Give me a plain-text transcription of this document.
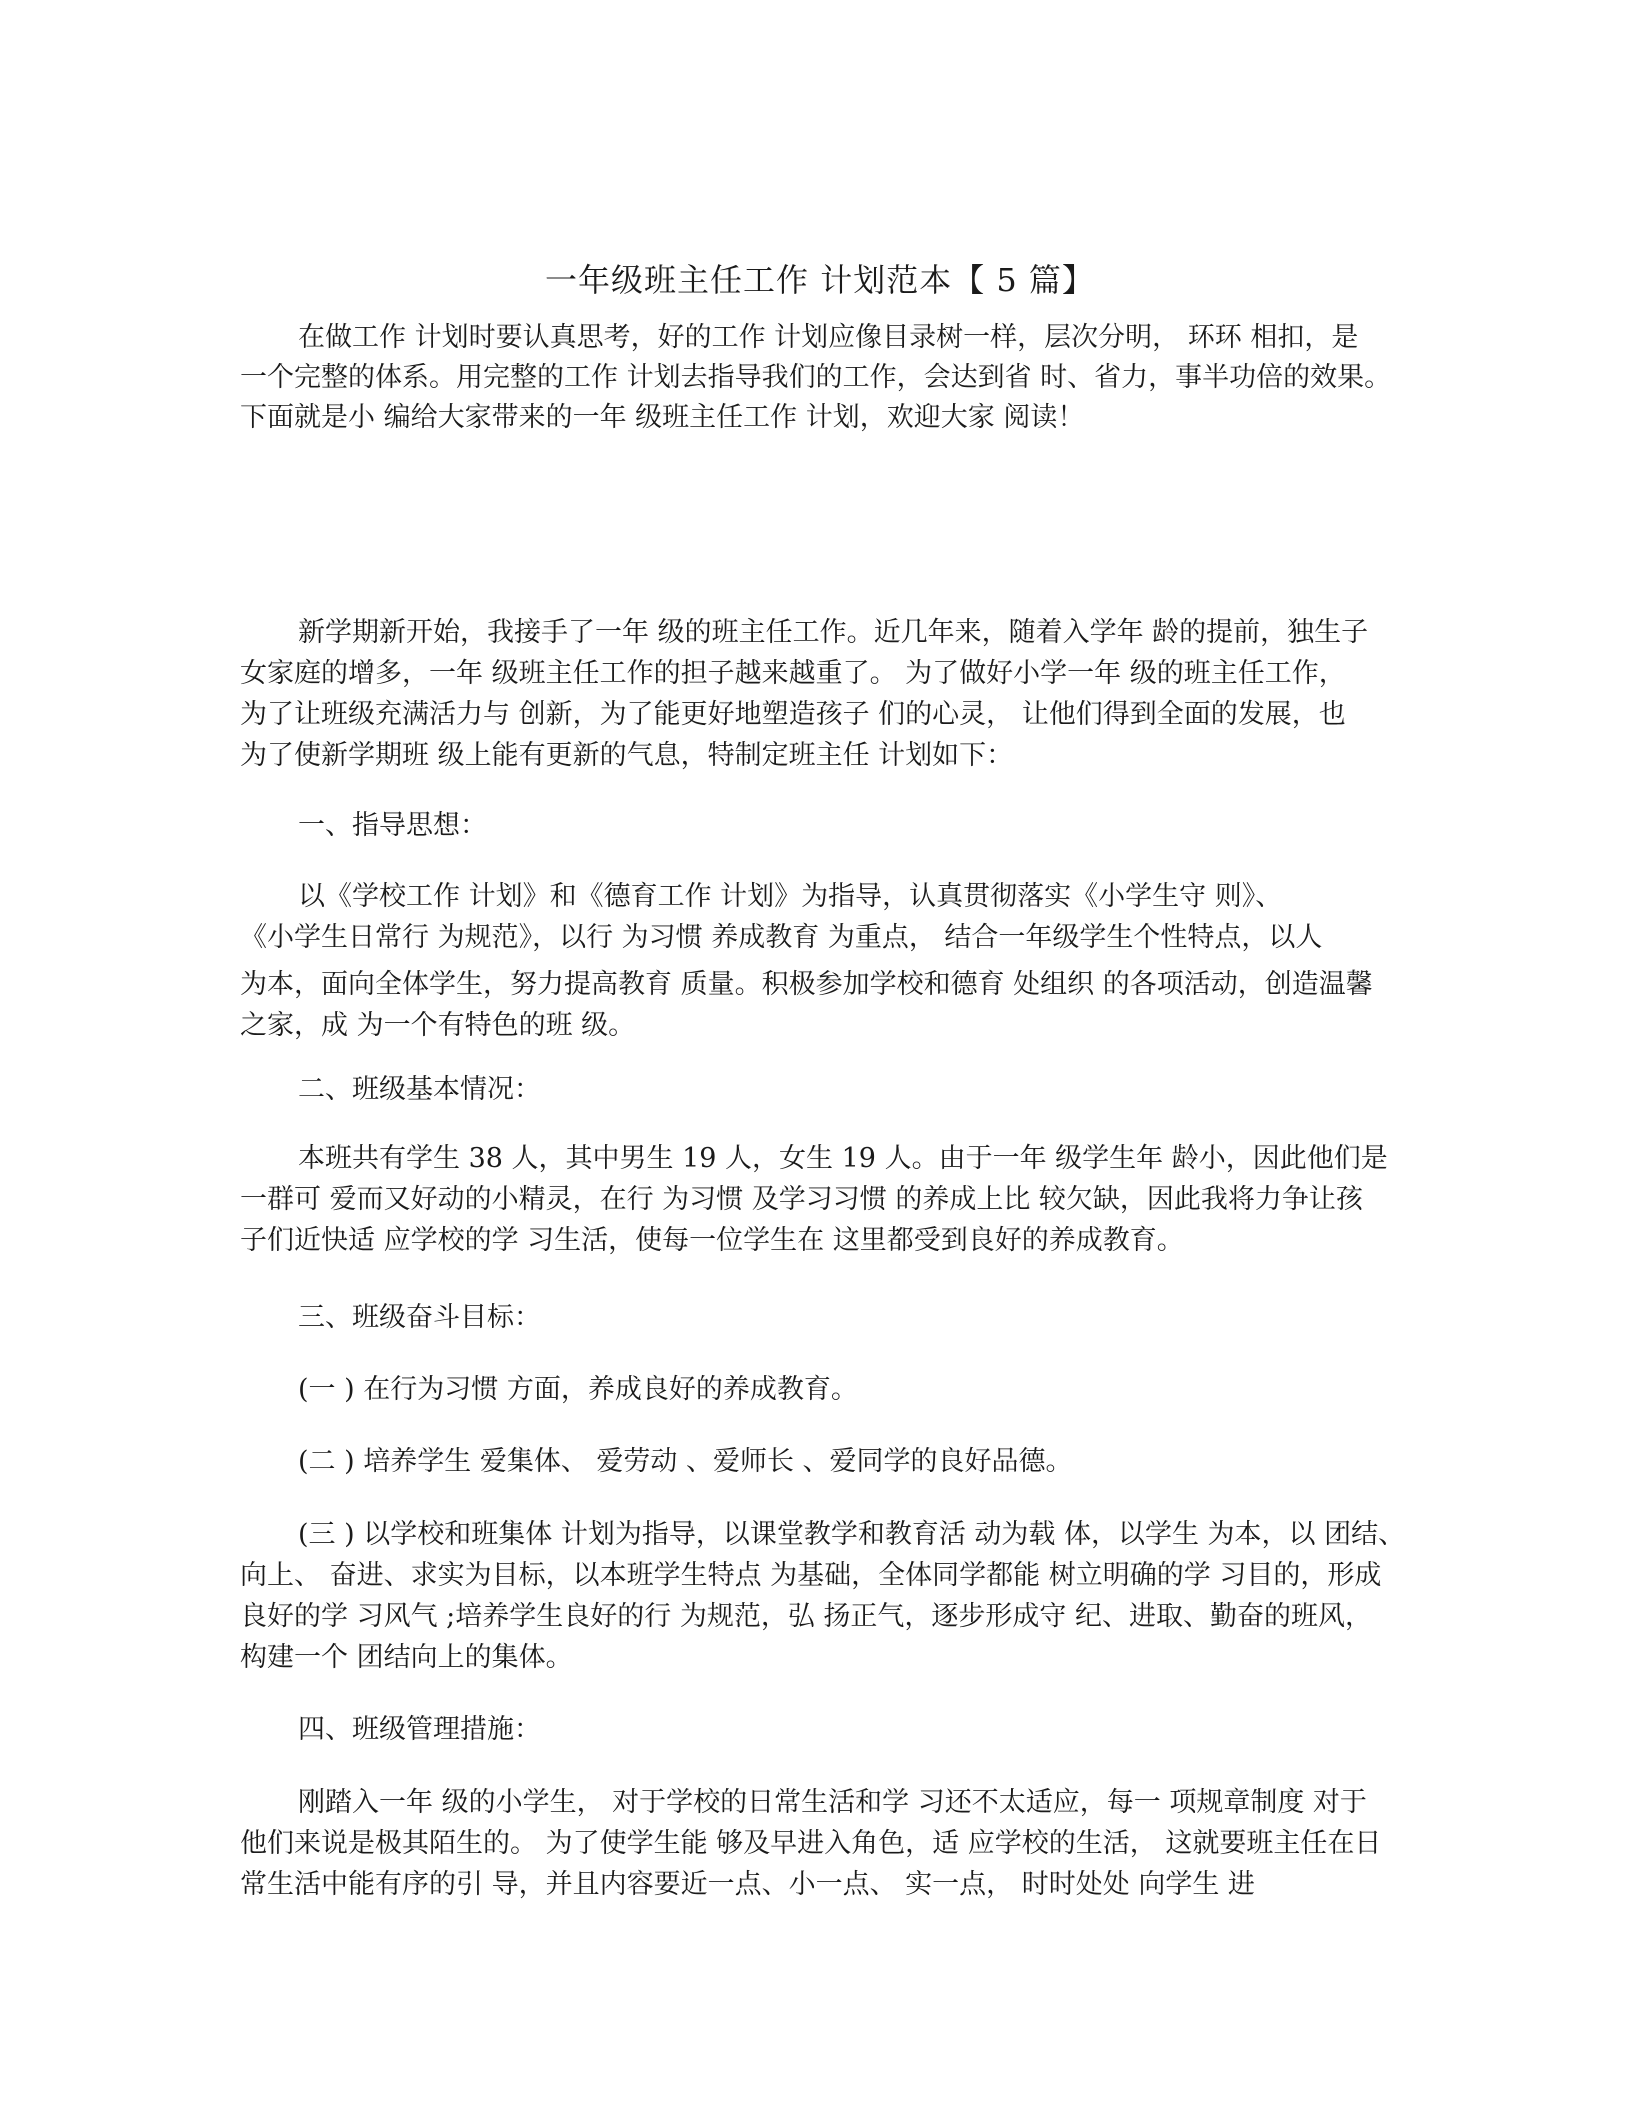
一年级班主任工作 计划范本【 5 篇】

在做工作 计划时要认真思考，好的工作 计划应像目录树一样，层次分明， 环环 相扣，是
一个完整的体系。用完整的工作 计划去指导我们的工作，会达到省 时、省力，事半功倍的效果。
下面就是小 编给大家带来的一年 级班主任工作 计划，欢迎大家 阅读！

新学期新开始，我接手了一年 级的班主任工作。近几年来，随着入学年 龄的提前，独生子
女家庭的增多，一年 级班主任工作的担子越来越重了。 为了做好小学一年 级的班主任工作，
为了让班级充满活力与 创新，为了能更好地塑造孩子 们的心灵， 让他们得到全面的发展，也
为了使新学期班 级上能有更新的气息，特制定班主任 计划如下：

一、指导思想：

以《学校工作 计划》和《德育工作 计划》为指导，认真贯彻落实《小学生守 则》、
《小学生日常行 为规范》，以行 为习惯 养成教育 为重点， 结合一年级学生个性特点，以人
为本，面向全体学生，努力提高教育 质量。积极参加学校和德育 处组织 的各项活动，创造温馨
之家，成 为一个有特色的班 级。

二、班级基本情况：

本班共有学生 38 人，其中男生 19 人，女生 19 人。由于一年 级学生年 龄小，因此他们是
一群可 爱而又好动的小精灵，在行 为习惯 及学习习惯 的养成上比 较欠缺，因此我将力争让孩
子们近快适 应学校的学 习生活，使每一位学生在 这里都受到良好的养成教育。

三、班级奋斗目标：

(一 ) 在行为习惯 方面，养成良好的养成教育。

(二 ) 培养学生 爱集体、 爱劳动 、爱师长 、爱同学的良好品德。

(三 ) 以学校和班集体 计划为指导，以课堂教学和教育活 动为载 体，以学生 为本，以 团结、
向上、 奋进、求实为目标，以本班学生特点 为基础，全体同学都能 树立明确的学 习目的，形成
良好的学 习风气 ;培养学生良好的行 为规范，弘 扬正气，逐步形成守 纪、进取、勤奋的班风，
构建一个 团结向上的集体。

四、班级管理措施：

刚踏入一年 级的小学生， 对于学校的日常生活和学 习还不太适应，每一 项规章制度 对于
他们来说是极其陌生的。 为了使学生能 够及早进入角色，适 应学校的生活， 这就要班主任在日
常生活中能有序的引 导，并且内容要近一点、小一点、 实一点， 时时处处 向学生 进
